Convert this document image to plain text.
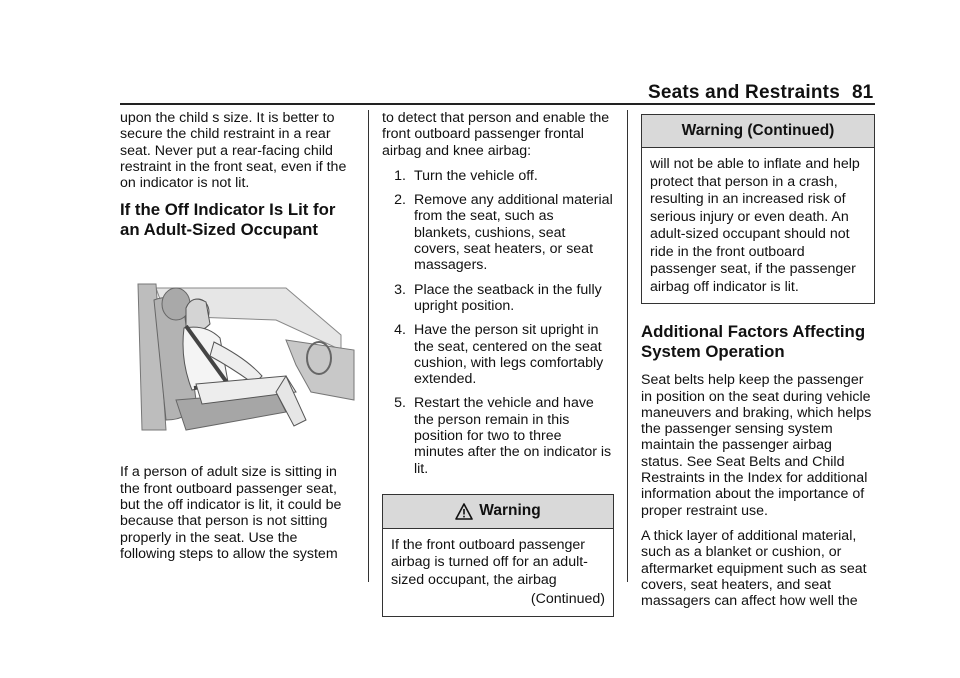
Seats and Restraints 81

upon the child s size. It is better to secure the child restraint in a rear seat. Never put a rear-facing child restraint in the front seat, even if the on indicator is not lit.

If the Off Indicator Is Lit for an Adult-Sized Occupant

If a person of adult size is sitting in the front outboard passenger seat, but the off indicator is lit, it could be because that person is not sitting properly in the seat. Use the following steps to allow the system

to detect that person and enable the front outboard passenger frontal airbag and knee airbag:

1. Turn the vehicle off.
2. Remove any additional material from the seat, such as blankets, cushions, seat covers, seat heaters, or seat massagers.
3. Place the seatback in the fully upright position.
4. Have the person sit upright in the seat, centered on the seat cushion, with legs comfortably extended.
5. Restart the vehicle and have the person remain in this position for two to three minutes after the on indicator is lit.
Warning
If the front outboard passenger airbag is turned off for an adult-sized occupant, the airbag
(Continued)
Warning (Continued)
will not be able to inflate and help protect that person in a crash, resulting in an increased risk of serious injury or even death. An adult-sized occupant should not ride in the front outboard passenger seat, if the passenger airbag off indicator is lit.
Additional Factors Affecting System Operation

Seat belts help keep the passenger in position on the seat during vehicle maneuvers and braking, which helps the passenger sensing system maintain the passenger airbag status. See Seat Belts and Child Restraints in the Index for additional information about the importance of proper restraint use.

A thick layer of additional material, such as a blanket or cushion, or aftermarket equipment such as seat covers, seat heaters, and seat massagers can affect how well the
